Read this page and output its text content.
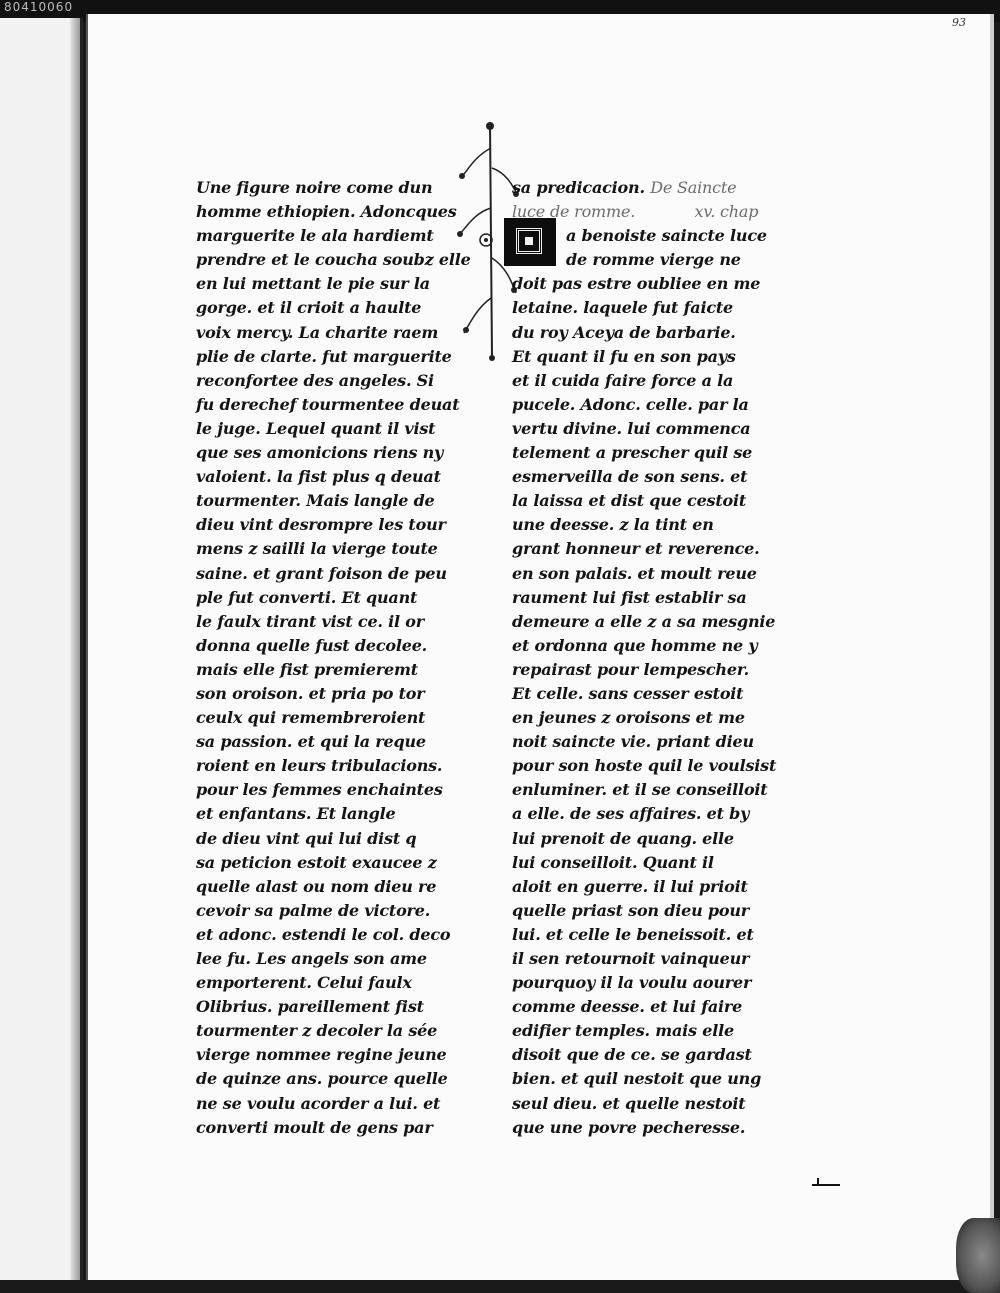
80410060
93
Une figure noire come dun
homme ethiopien. Adoncques
marguerite le ala hardiemt
prendre et le coucha soubz elle
en lui mettant le pie sur la
gorge. et il crioit a haulte
voix mercy. La charite raem
plie de clarte. fut marguerite
reconfortee des angeles. Si
fu derechef tourmentee deuat
le juge. Lequel quant il vist
que ses amonicions riens ny
valoient. la fist plus q deuat
tourmenter. Mais langle de
dieu vint desrompre les tour
mens z sailli la vierge toute
saine. et grant foison de peu
ple fut converti. Et quant
le faulx tirant vist ce. il or
donna quelle fust decolee.
mais elle fist premieremt
son oroison. et pria po tor
ceulx qui remembreroient
sa passion. et qui la reque
roient en leurs tribulacions.
pour les femmes enchaintes
et enfantans. Et langle
de dieu vint qui lui dist q
sa peticion estoit exaucee z
quelle alast ou nom dieu re
cevoir sa palme de victore.
et adonc. estendi le col. deco
lee fu. Les angels son ame
emporterent. Celui faulx
Olibrius. pareillement fist
tourmenter z decoler la sée
vierge nommee regine jeune
de quinze ans. pource quelle
ne se voulu acorder a lui. et
converti moult de gens par
sa predicacion. De Saincte
luce de romme.	xv. chap
a benoiste saincte luce
de romme vierge ne
doit pas estre oubliee en me
letaine. laquele fut faicte
du roy Aceya de barbarie.
Et quant il fu en son pays
et il cuida faire force a la
pucele. Adonc. celle. par la
vertu divine. lui commenca
telement a prescher quil se
esmerveilla de son sens. et
la laissa et dist que cestoit
une deesse. z la tint en
grant honneur et reverence.
en son palais. et moult reue
raument lui fist establir sa
demeure a elle z a sa mesgnie
et ordonna que homme ne y
repairast pour lempescher.
Et celle. sans cesser estoit
en jeunes z oroisons et me
noit saincte vie. priant dieu
pour son hoste quil le voulsist
enluminer. et il se conseilloit
a elle. de ses affaires. et by
lui prenoit de quang. elle
lui conseilloit. Quant il
aloit en guerre. il lui prioit
quelle priast son dieu pour
lui. et celle le beneissoit. et
il sen retournoit vainqueur
pourquoy il la voulu aourer
comme deesse. et lui faire
edifier temples. mais elle
disoit que de ce. se gardast
bien. et quil nestoit que ung
seul dieu. et quelle nestoit
que une povre pecheresse.
